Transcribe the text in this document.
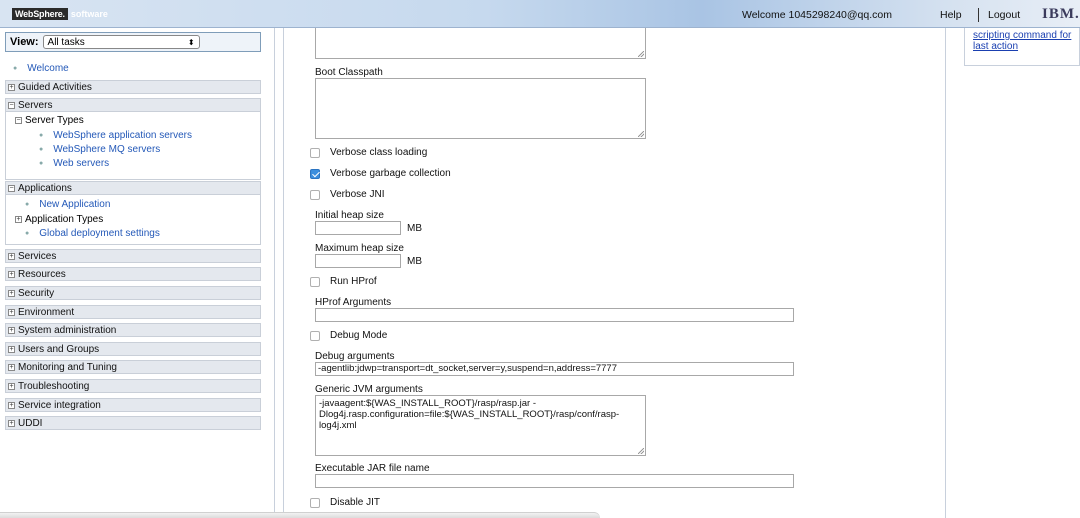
WebSphere. software	Welcome 1045298240@qq.com	Help	Logout IBM.
View: All tasks	⬍
● Welcome
+ Guided Activities
− Servers
− Server Types
● WebSphere application servers
● WebSphere MQ servers
● Web servers
− Applications
● New Application
+ Application Types
● Global deployment settings
+ Services
+ Resources
+ Security
+ Environment
+ System administration
+ Users and Groups
+ Monitoring and Tuning
+ Troubleshooting
+ Service integration
+ UDDI
Boot Classpath
Verbose class loading
Verbose garbage collection
Verbose JNI
Initial heap size
MB
Maximum heap size
MB
Run HProf
HProf Arguments
Debug Mode
Debug arguments
-agentlib:jdwp=transport=dt_socket,server=y,suspend=n,address=7777
Generic JVM arguments
-javaagent:${WAS_INSTALL_ROOT}/rasp/rasp.jar -Dlog4j.rasp.configuration=file:${WAS_INSTALL_ROOT}/rasp/conf/rasp-log4j.xml
Executable JAR file name
Disable JIT
scripting command for last action
